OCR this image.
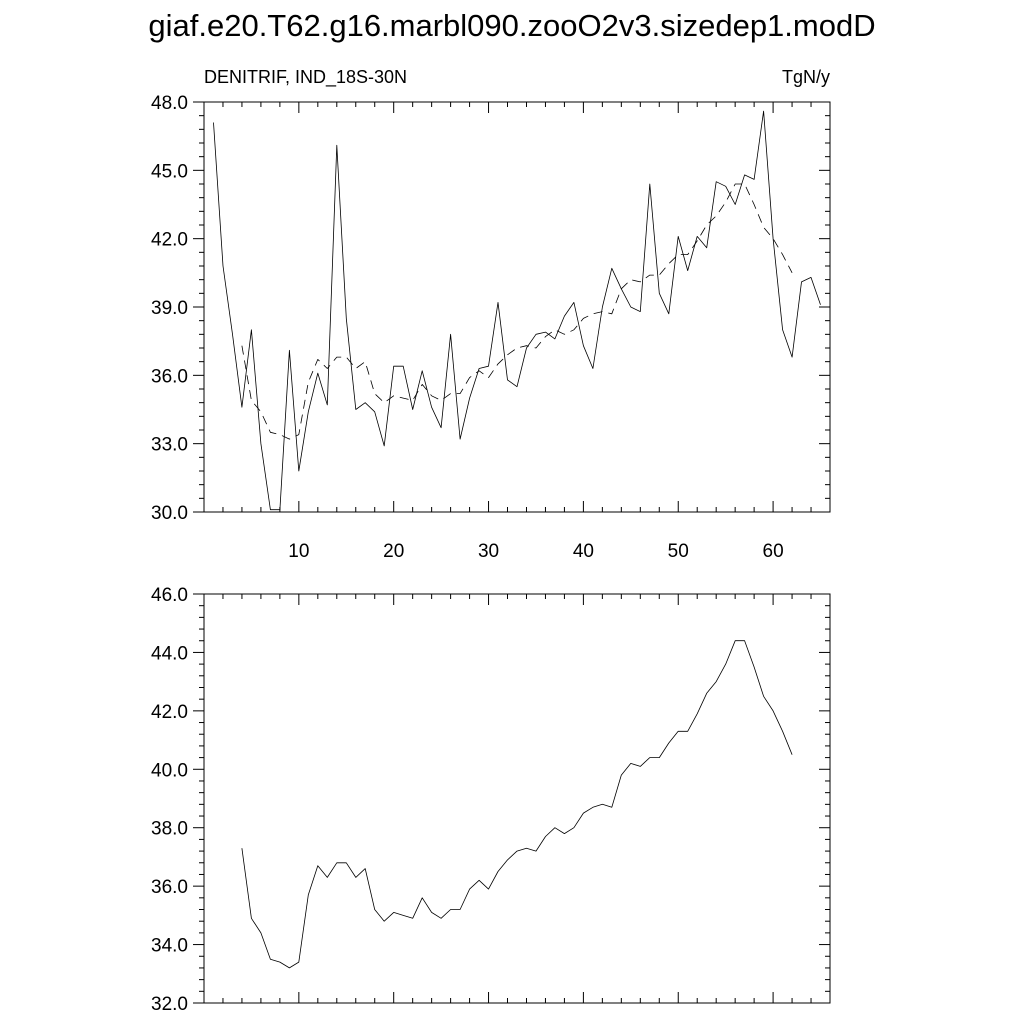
giaf.e20.T62.g16.marbl090.zooO2v3.sizedep1.modD
30.0
33.0
36.0
39.0
42.0
45.0
48.0
10	20	30	40	50	60
DENITRIF, IND_18S-30N	TgN/y
32.0
34.0
36.0
38.0
40.0
42.0
44.0
46.0
